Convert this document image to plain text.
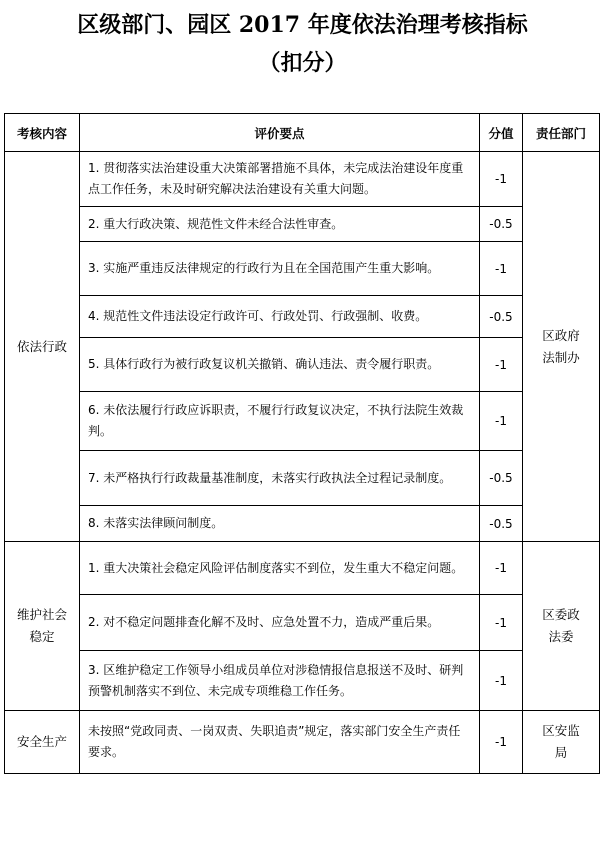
区级部门、园区 2017 年度依法治理考核指标
（扣分）
考核内容	评价要点	分值	责任部门
依法行政	1. 贯彻落实法治建设重大决策部署措施不具体，未完成法治建设年度重点工作任务，未及时研究解决法治建设有关重大问题。	-1	区政府法制办
	2. 重大行政决策、规范性文件未经合法性审查。	-0.5	
	3. 实施严重违反法律规定的行政行为且在全国范围产生重大影响。	-1	
	4. 规范性文件违法设定行政许可、行政处罚、行政强制、收费。	-0.5	
	5. 具体行政行为被行政复议机关撤销、确认违法、责令履行职责。	-1	
	6. 未依法履行行政应诉职责，不履行行政复议决定，不执行法院生效裁判。	-1	
	7. 未严格执行行政裁量基准制度，未落实行政执法全过程记录制度。	-0.5	
	8. 未落实法律顾问制度。	-0.5	
维护社会稳定	1. 重大决策社会稳定风险评估制度落实不到位，发生重大不稳定问题。	-1	区委政法委
	2. 对不稳定问题排查化解不及时、应急处置不力，造成严重后果。	-1	
	3. 区维护稳定工作领导小组成员单位对涉稳情报信息报送不及时、研判预警机制落实不到位、未完成专项维稳工作任务。	-1	
安全生产	未按照“党政同责、一岗双责、失职追责”规定，落实部门安全生产责任要求。	-1	区安监局
